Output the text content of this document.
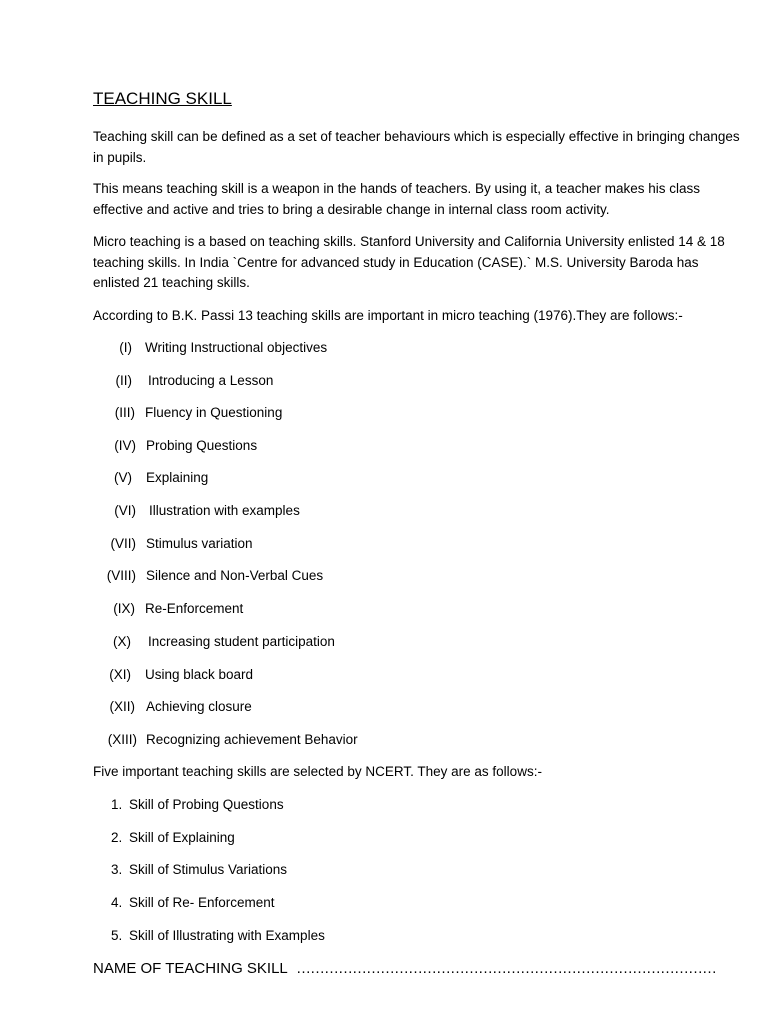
TEACHING SKILL
Teaching skill can be defined as a set of teacher behaviours which is especially effective in bringing changes in pupils.
This means teaching skill is a weapon in the hands of teachers. By using it, a teacher makes his class effective and active and tries to bring a desirable change in internal class room activity.
Micro teaching is a based on teaching skills. Stanford University and California University enlisted 14 & 18 teaching skills. In India `Centre for advanced study in Education (CASE).` M.S. University Baroda has enlisted 21 teaching skills.
According to B.K. Passi 13 teaching skills are important in micro teaching (1976).They are follows:-
(I) Writing Instructional objectives
(II) Introducing a Lesson
(III) Fluency in Questioning
(IV) Probing Questions
(V) Explaining
(VI) Illustration with examples
(VII) Stimulus variation
(VIII) Silence and Non-Verbal Cues
(IX) Re-Enforcement
(X) Increasing student participation
(XI) Using black board
(XII) Achieving closure
(XIII) Recognizing achievement Behavior
Five important teaching skills are selected by NCERT. They are as follows:-
1. Skill of Probing Questions
2. Skill of Explaining
3. Skill of Stimulus Variations
4. Skill of Re- Enforcement
5. Skill of Illustrating with Examples
NAME OF TEACHING SKILL ………………………………………………………………………………
